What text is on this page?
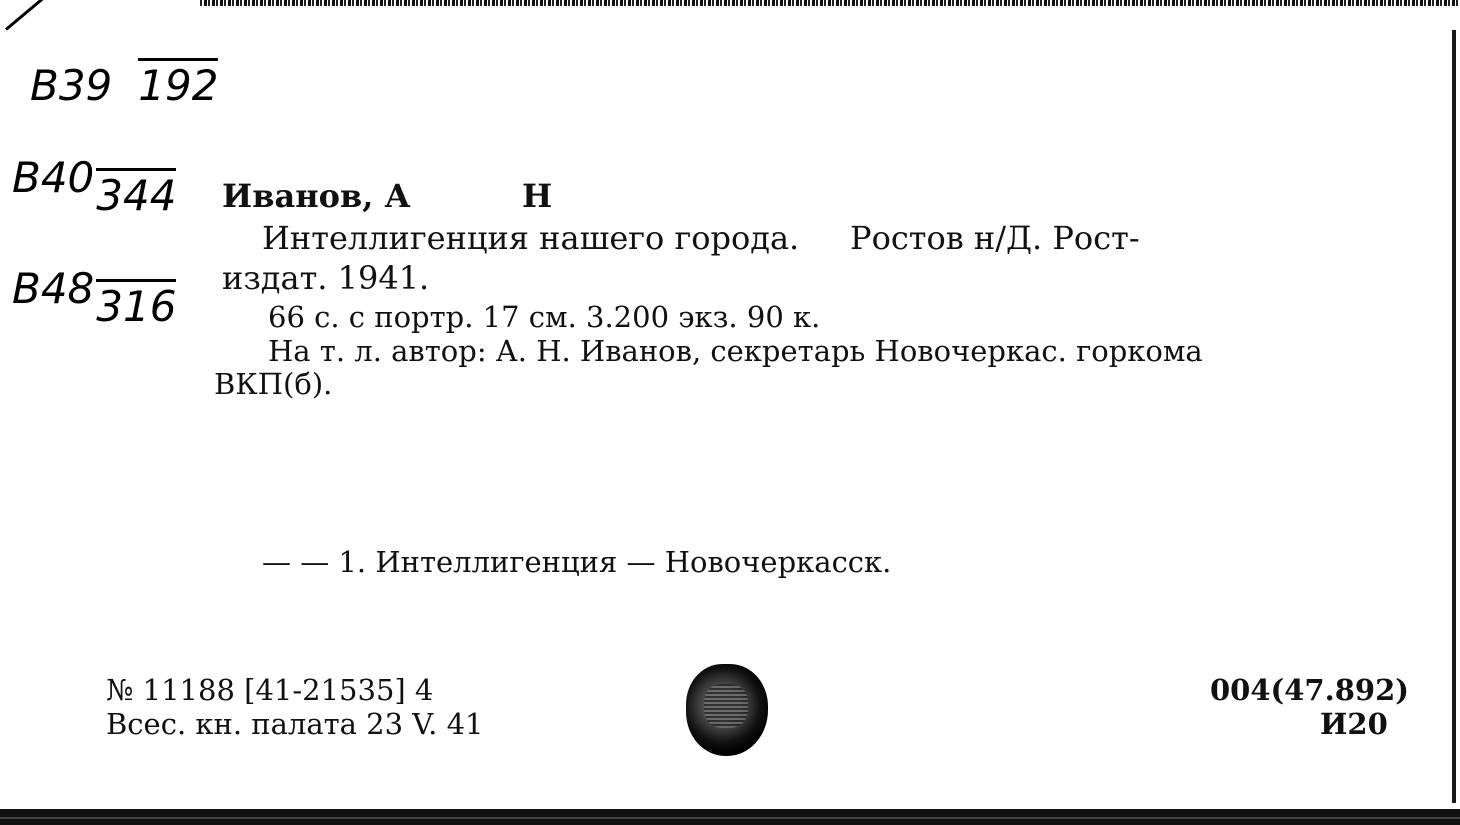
В39 192
В40344
В48316
Иванов, А          Н
Интеллигенция нашего города.     Ростов н/Д. Рост-
издат. 1941.
66 с. с портр. 17 см. 3.200 экз. 90 к.
На т. л. автор: А. Н. Иванов, секретарь Новочеркас. горкома
ВКП(б).
— — 1. Интеллигенция — Новочеркасск.
№ 11188 [41-21535] 4
Всес. кн. палата 23 V. 41
004(47.892)
И20
